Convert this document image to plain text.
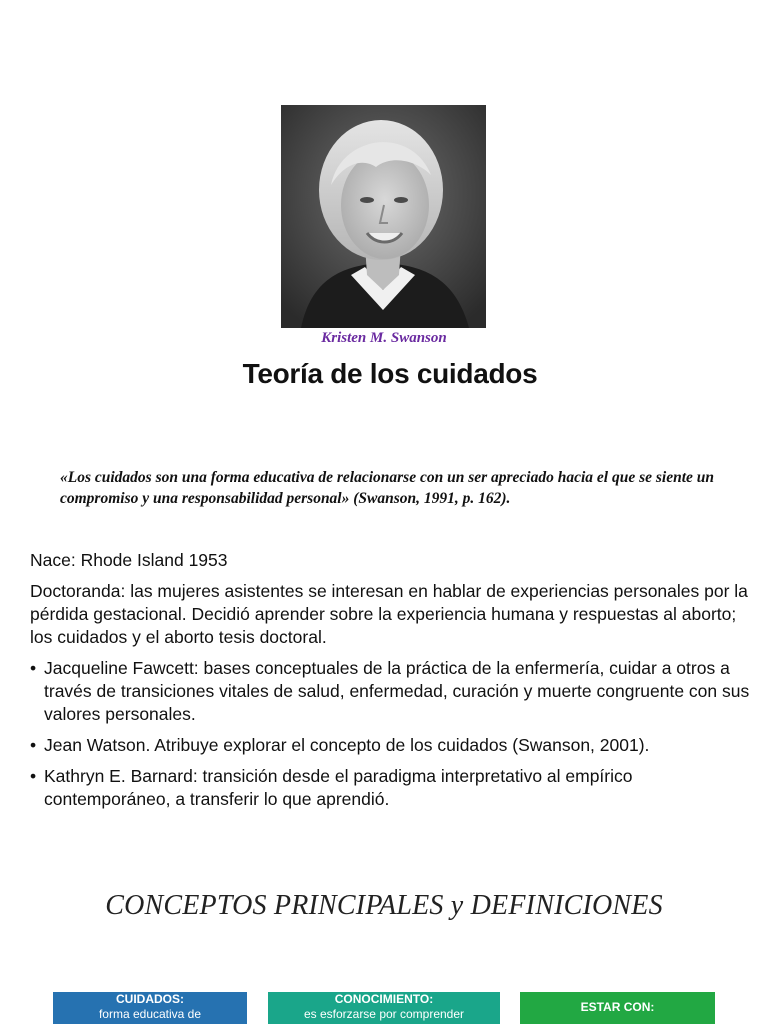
Kristen M. Swanson
Teoría de los cuidados
«Los cuidados son una forma educativa de relacionarse con un ser apreciado hacia el que se siente un compromiso y una responsabilidad personal» (Swanson, 1991, p. 162).

Nace: Rhode Island 1953

Doctoranda: las mujeres asistentes se interesan en hablar de experiencias personales por la pérdida gestacional. Decidió aprender sobre la experiencia humana y respuestas al aborto; los cuidados y el aborto tesis doctoral.

• Jacqueline Fawcett: bases conceptuales de la práctica de la enfermería, cuidar a otros a través de transiciones vitales de salud, enfermedad, curación y muerte congruente con sus valores personales.
• Jean Watson. Atribuye explorar el concepto de los cuidados (Swanson, 2001).
• Kathryn E. Barnard: transición desde el paradigma interpretativo al empírico contemporáneo, a transferir lo que aprendió.
CONCEPTOS PRINCIPALES y DEFINICIONES
CUIDADOS:
forma educativa de
CONOCIMIENTO:
es esforzarse por comprender	ESTAR CON:
